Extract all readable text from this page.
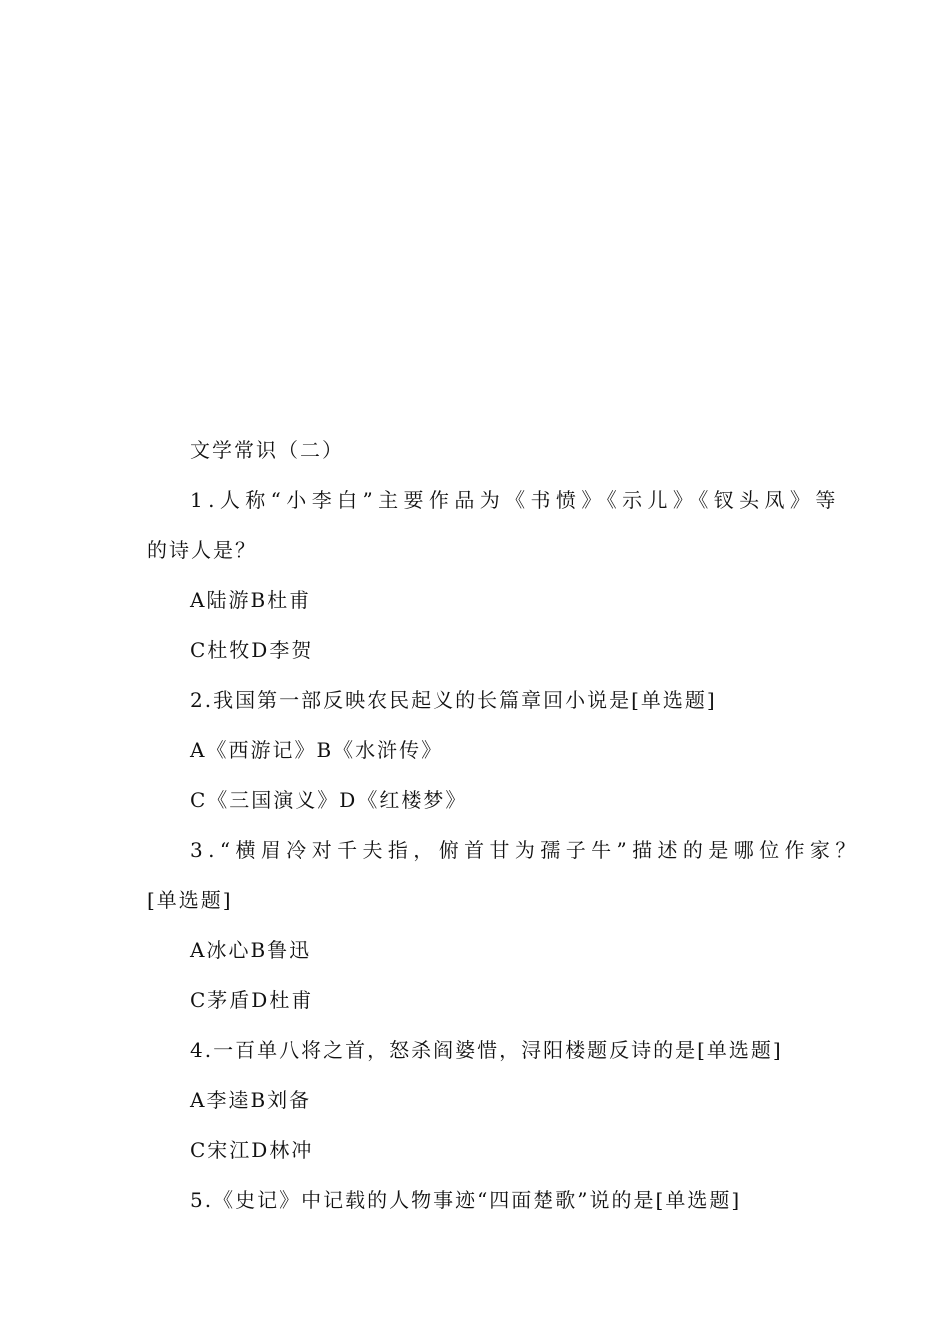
文学常识（二）
1.人称“小李白”主要作品为《书愤》《示儿》《钗头凤》等
的诗人是？
A陆游B杜甫
C杜牧D李贺
2.我国第一部反映农民起义的长篇章回小说是[单选题]
A《西游记》B《水浒传》
C《三国演义》D《红楼梦》
3.“横眉冷对千夫指，俯首甘为孺子牛”描述的是哪位作家？
[单选题]
A冰心B鲁迅
C茅盾D杜甫
4.一百单八将之首，怒杀阎婆惜，浔阳楼题反诗的是[单选题]
A李逵B刘备
C宋江D林冲
5.《史记》中记载的人物事迹“四面楚歌”说的是[单选题]
